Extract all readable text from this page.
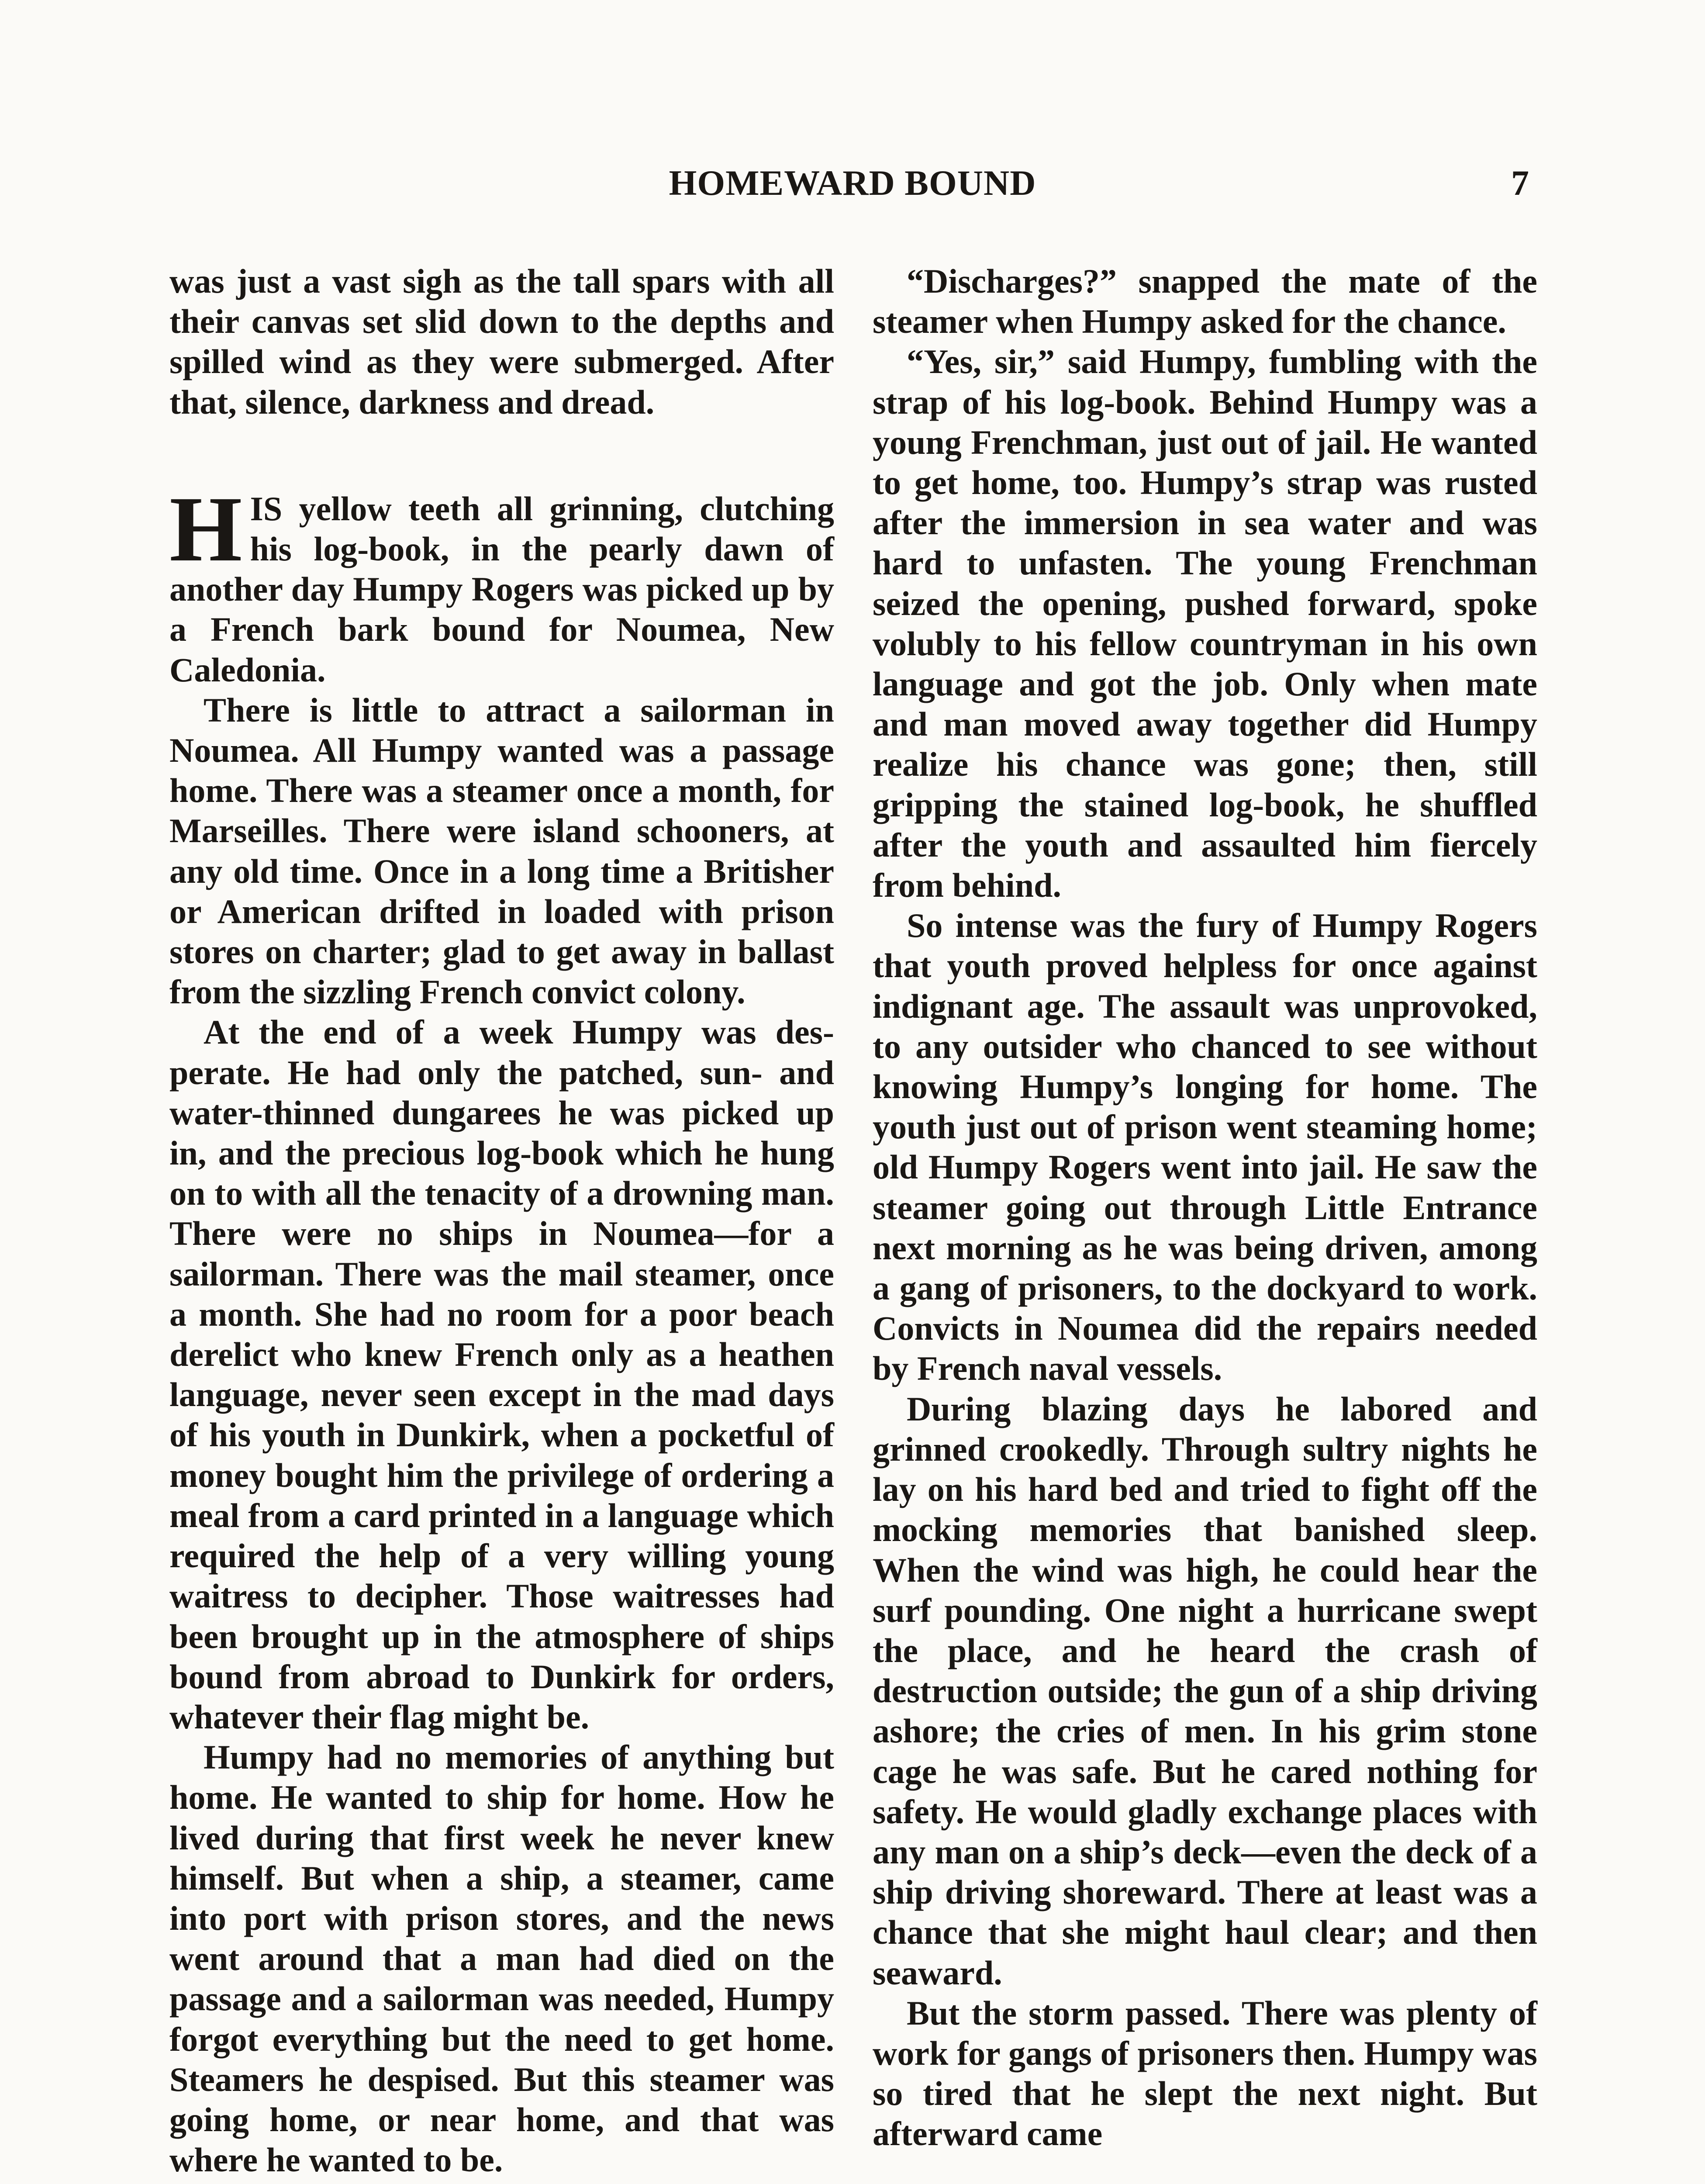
HOMEWARD BOUND	7

was just a vast sigh as the tall spars with all their canvas set slid down to the depths and spilled wind as they were submerged. After that, silence, darkness and dread.

HIS yellow teeth all grinning, clutching his log-book, in the pearly dawn of another day Humpy Rogers was picked up by a French bark bound for Noumea, New Caledonia.

There is little to attract a sailorman in Noumea. All Humpy wanted was a passage home. There was a steamer once a month, for Marseilles. There were island schooners, at any old time. Once in a long time a Britisher or American drifted in loaded with prison stores on charter; glad to get away in ballast from the sizzling French convict colony.

At the end of a week Humpy was desperate. He had only the patched, sun- and water-thinned dungarees he was picked up in, and the precious log-book which he hung on to with all the tenacity of a drowning man. There were no ships in Noumea—for a sailorman. There was the mail steamer, once a month. She had no room for a poor beach derelict who knew French only as a heathen language, never seen except in the mad days of his youth in Dunkirk, when a pocketful of money bought him the privilege of ordering a meal from a card printed in a language which required the help of a very willing young waitress to decipher. Those waitresses had been brought up in the atmosphere of ships bound from abroad to Dunkirk for orders, whatever their flag might be.

Humpy had no memories of anything but home. He wanted to ship for home. How he lived during that first week he never knew himself. But when a ship, a steamer, came into port with prison stores, and the news went around that a man had died on the passage and a sailorman was needed, Humpy forgot everything but the need to get home. Steamers he despised. But this steamer was going home, or near home, and that was where he wanted to be.

“Discharges?” snapped the mate of the steamer when Humpy asked for the chance.

“Yes, sir,” said Humpy, fumbling with the strap of his log-book. Behind Humpy was a young Frenchman, just out of jail. He wanted to get home, too. Humpy’s strap was rusted after the immersion in sea water and was hard to unfasten. The young Frenchman seized the opening, pushed forward, spoke volubly to his fellow countryman in his own language and got the job. Only when mate and man moved away together did Humpy realize his chance was gone; then, still gripping the stained log-book, he shuffled after the youth and assaulted him fiercely from behind.

So intense was the fury of Humpy Rogers that youth proved helpless for once against indignant age. The assault was unprovoked, to any outsider who chanced to see without knowing Humpy’s longing for home. The youth just out of prison went steaming home; old Humpy Rogers went into jail. He saw the steamer going out through Little Entrance next morning as he was being driven, among a gang of prisoners, to the dockyard to work. Convicts in Noumea did the repairs needed by French naval vessels.

During blazing days he labored and grinned crookedly. Through sultry nights he lay on his hard bed and tried to fight off the mocking memories that banished sleep. When the wind was high, he could hear the surf pounding. One night a hurricane swept the place, and he heard the crash of destruction outside; the gun of a ship driving ashore; the cries of men. In his grim stone cage he was safe. But he cared nothing for safety. He would gladly exchange places with any man on a ship’s deck—even the deck of a ship driving shoreward. There at least was a chance that she might haul clear; and then seaward.

But the storm passed. There was plenty of work for gangs of prisoners then. Humpy was so tired that he slept the next night. But afterward came
